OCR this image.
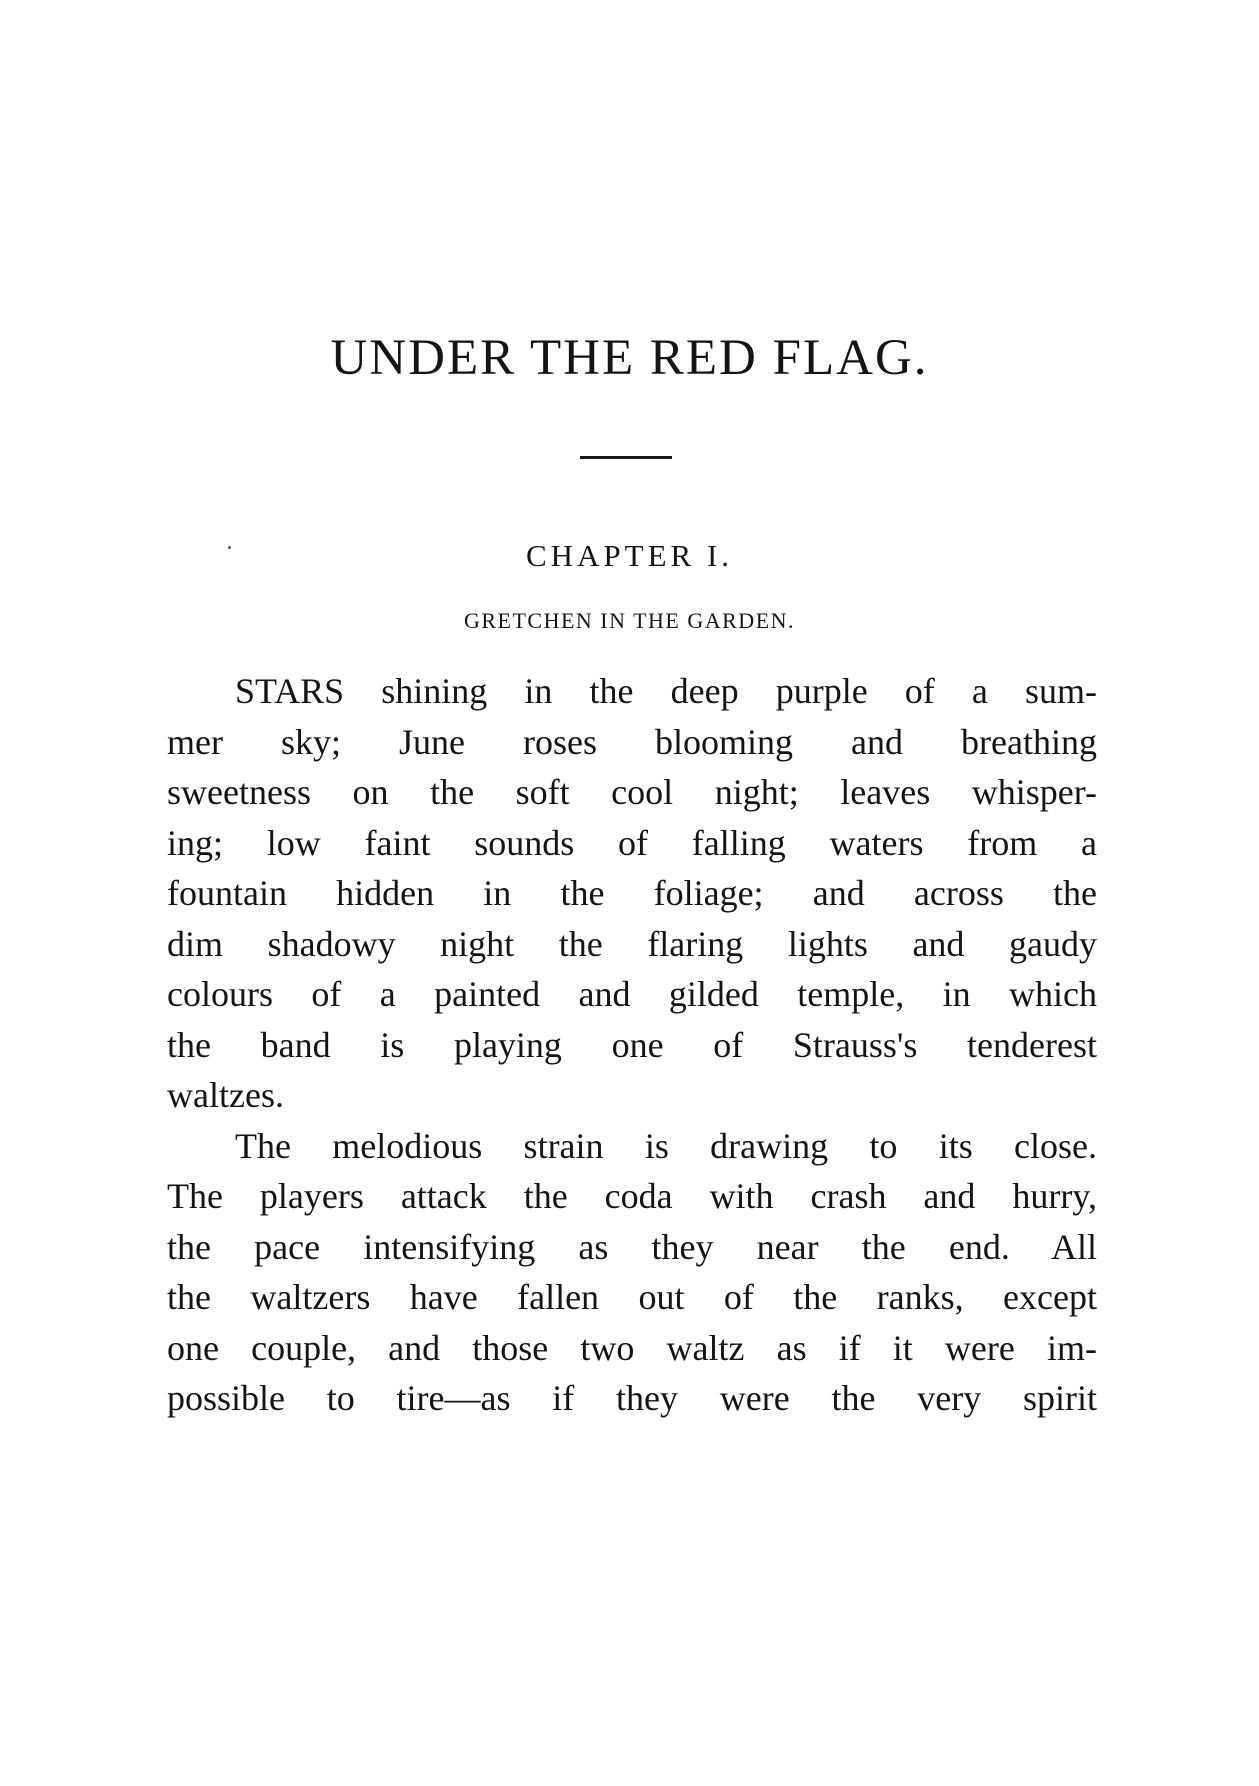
UNDER THE RED FLAG.
CHAPTER I.
GRETCHEN IN THE GARDEN.
STARS shining in the deep purple of a sum-
mer sky; June roses blooming and breathing
sweetness on the soft cool night; leaves whisper-
ing; low faint sounds of falling waters from a
fountain hidden in the foliage; and across the
dim shadowy night the flaring lights and gaudy
colours of a painted and gilded temple, in which
the band is playing one of Strauss's tenderest
waltzes.
The melodious strain is drawing to its close.
The players attack the coda with crash and hurry,
the pace intensifying as they near the end. All
the waltzers have fallen out of the ranks, except
one couple, and those two waltz as if it were im-
possible to tire—as if they were the very spirit
